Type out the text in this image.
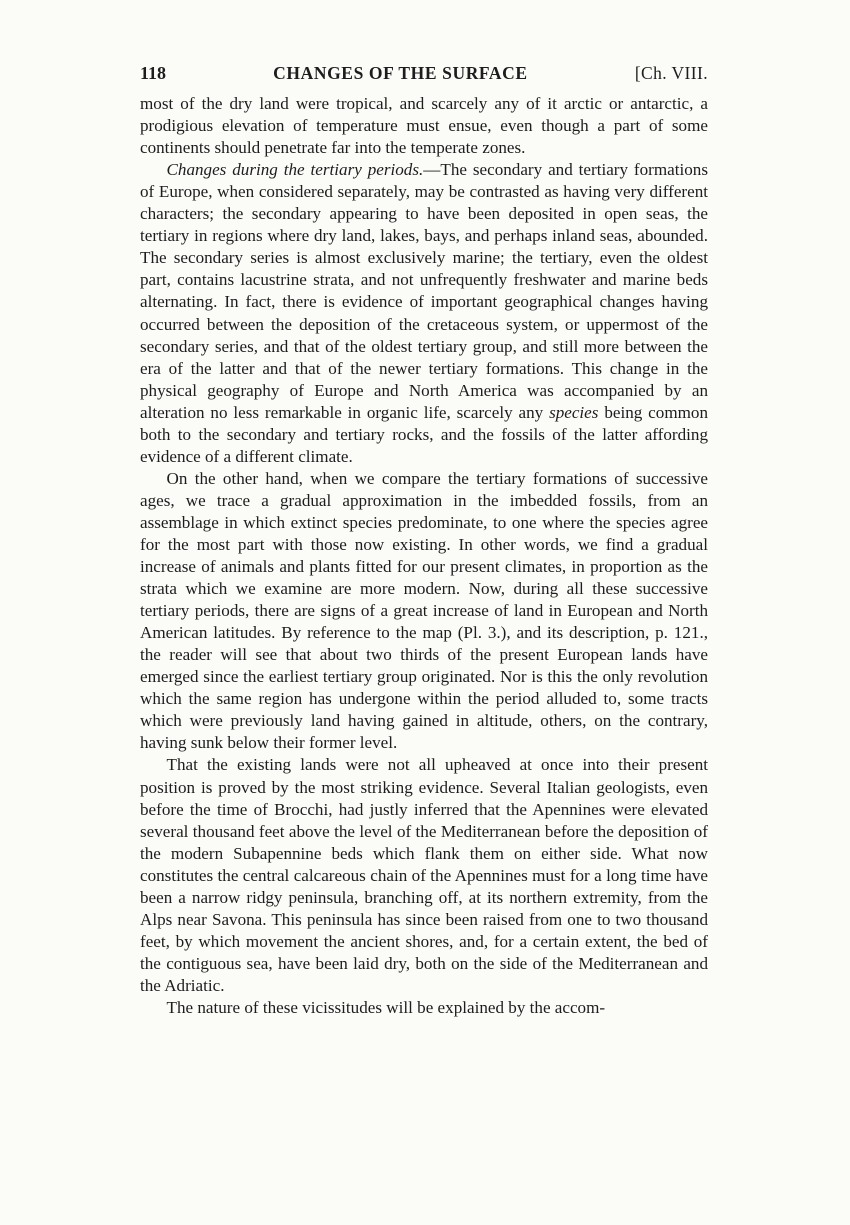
118	CHANGES OF THE SURFACE	[Ch. VIII.

most of the dry land were tropical, and scarcely any of it arctic or antarctic, a prodigious elevation of temperature must ensue, even though a part of some continents should penetrate far into the temperate zones.

Changes during the tertiary periods.—The secondary and tertiary formations of Europe, when considered separately, may be contrasted as having very different characters; the secondary appearing to have been deposited in open seas, the tertiary in regions where dry land, lakes, bays, and perhaps inland seas, abounded. The secondary series is almost exclusively marine; the tertiary, even the oldest part, contains lacustrine strata, and not unfrequently freshwater and marine beds alternating. In fact, there is evidence of important geographical changes having occurred between the deposition of the cretaceous system, or uppermost of the secondary series, and that of the oldest tertiary group, and still more between the era of the latter and that of the newer tertiary formations. This change in the physical geography of Europe and North America was accompanied by an alteration no less remarkable in organic life, scarcely any species being common both to the secondary and tertiary rocks, and the fossils of the latter affording evidence of a different climate.

On the other hand, when we compare the tertiary formations of successive ages, we trace a gradual approximation in the imbedded fossils, from an assemblage in which extinct species predominate, to one where the species agree for the most part with those now existing. In other words, we find a gradual increase of animals and plants fitted for our present climates, in proportion as the strata which we examine are more modern. Now, during all these successive tertiary periods, there are signs of a great increase of land in European and North American latitudes. By reference to the map (Pl. 3.), and its description, p. 121., the reader will see that about two thirds of the present European lands have emerged since the earliest tertiary group originated. Nor is this the only revolution which the same region has undergone within the period alluded to, some tracts which were previously land having gained in altitude, others, on the contrary, having sunk below their former level.

That the existing lands were not all upheaved at once into their present position is proved by the most striking evidence. Several Italian geologists, even before the time of Brocchi, had justly inferred that the Apennines were elevated several thousand feet above the level of the Mediterranean before the deposition of the modern Subapennine beds which flank them on either side. What now constitutes the central calcareous chain of the Apennines must for a long time have been a narrow ridgy peninsula, branching off, at its northern extremity, from the Alps near Savona. This peninsula has since been raised from one to two thousand feet, by which movement the ancient shores, and, for a certain extent, the bed of the contiguous sea, have been laid dry, both on the side of the Mediterranean and the Adriatic.

The nature of these vicissitudes will be explained by the accom-
